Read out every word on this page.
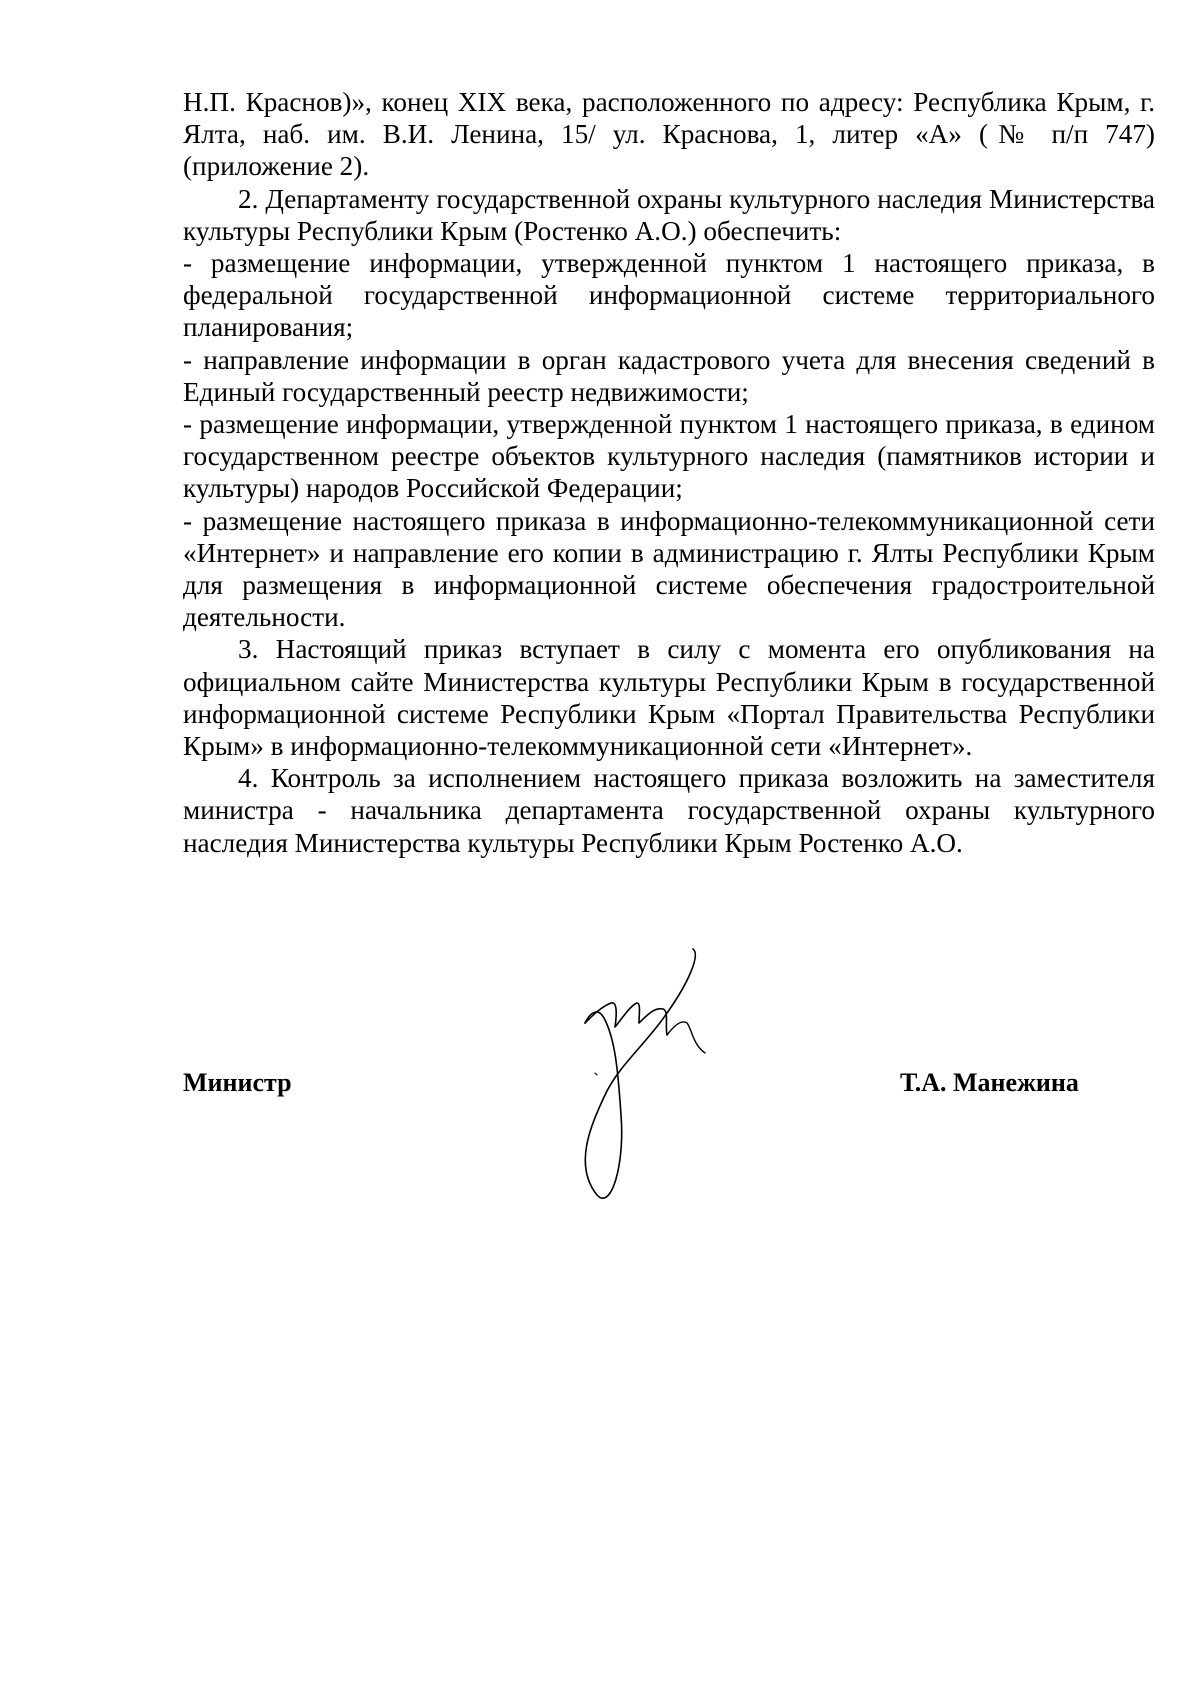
Н.П. Краснов)», конец XIX века, расположенного по адресу: Республика Крым, г. Ялта, наб. им. В.И. Ленина, 15/ ул. Краснова, 1, литер «А» (№ п/п 747) (приложение 2).

2. Департаменту государственной охраны культурного наследия Министерства культуры Республики Крым (Ростенко А.О.) обеспечить:

- размещение информации, утвержденной пунктом 1 настоящего приказа, в федеральной государственной информационной системе территориального планирования;

- направление информации в орган кадастрового учета для внесения сведений в Единый государственный реестр недвижимости;

- размещение информации, утвержденной пунктом 1 настоящего приказа, в едином государственном реестре объектов культурного наследия (памятников истории и культуры) народов Российской Федерации;

- размещение настоящего приказа в информационно-телекоммуникационной сети «Интернет» и направление его копии в администрацию г. Ялты Республики Крым для размещения в информационной системе обеспечения градостроительной деятельности.

3. Настоящий приказ вступает в силу с момента его опубликования на официальном сайте Министерства культуры Республики Крым в государственной информационной системе Республики Крым «Портал Правительства Республики Крым» в информационно-телекоммуникационной сети «Интернет».

4. Контроль за исполнением настоящего приказа возложить на заместителя министра - начальника департамента государственной охраны культурного наследия Министерства культуры Республики Крым Ростенко А.О.

Министр	Т.А. Манежина
